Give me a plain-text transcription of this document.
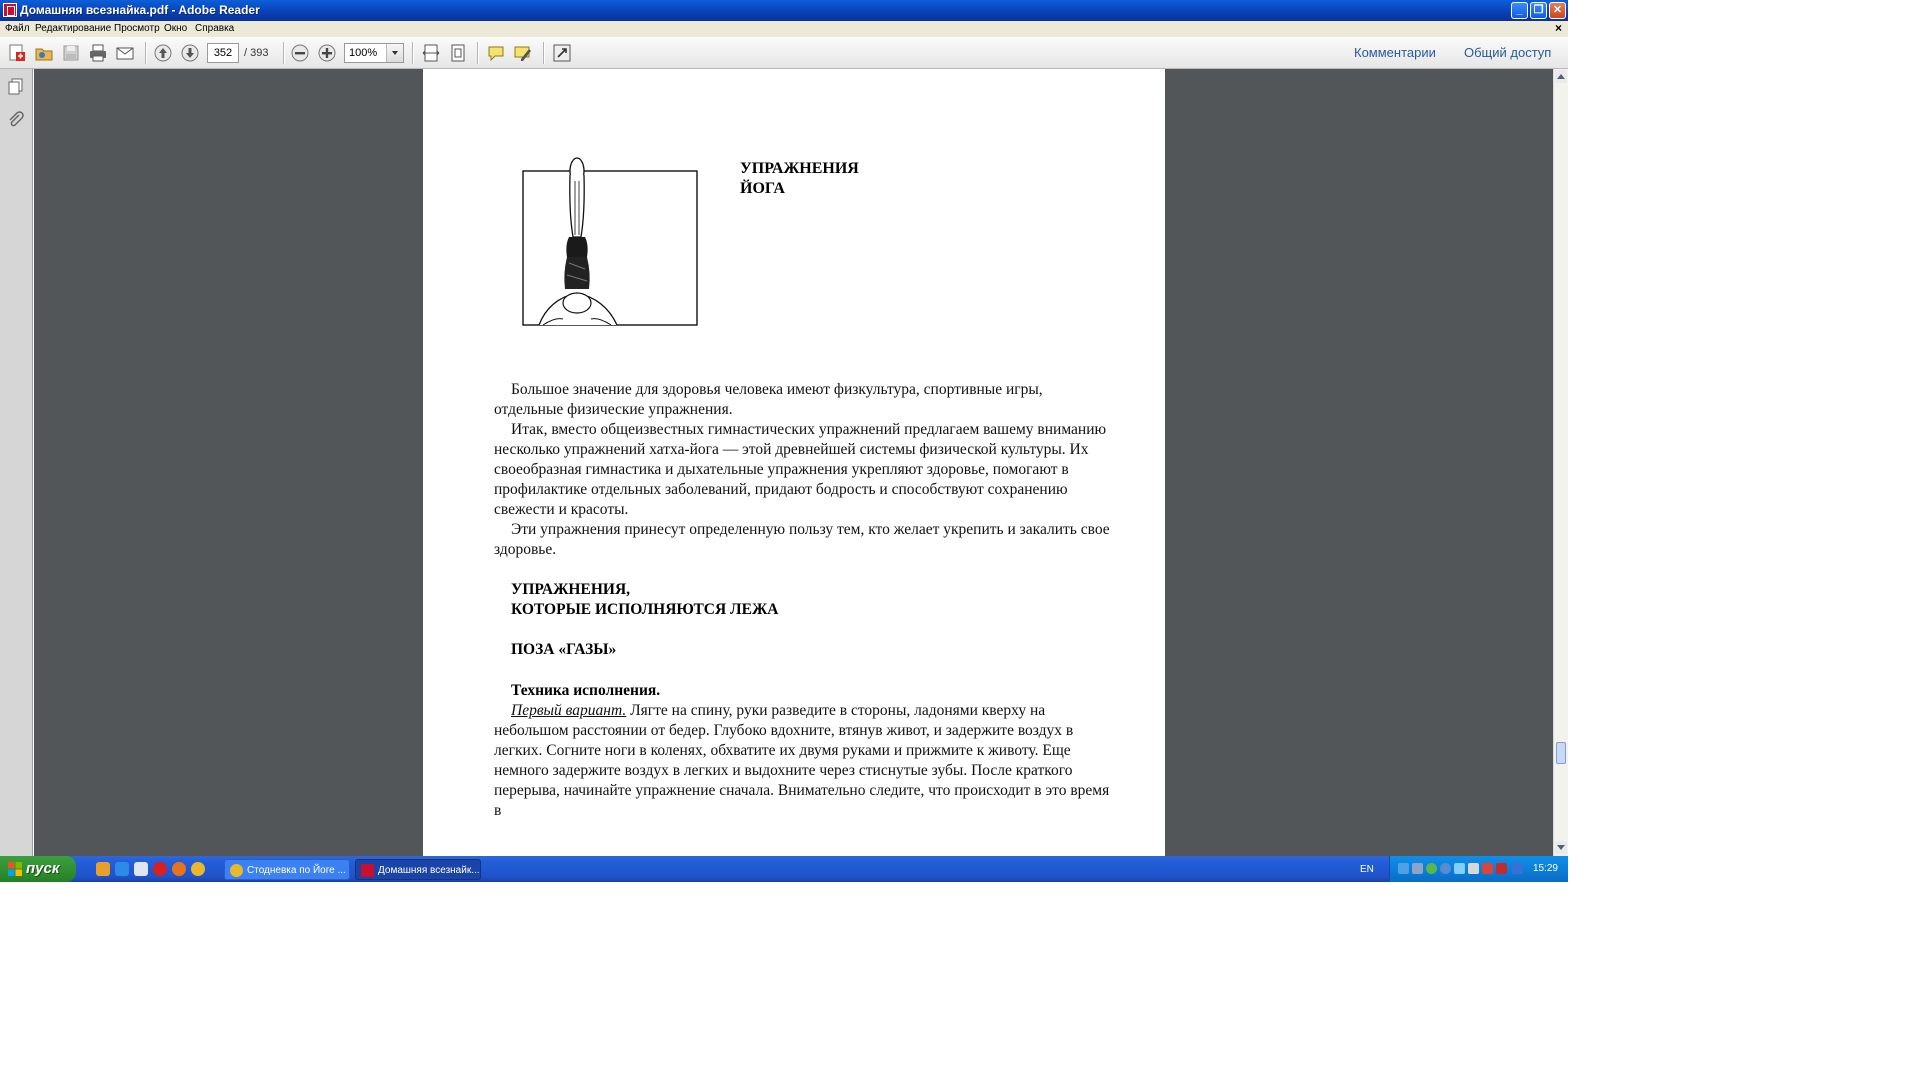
Домашняя всезнайка.pdf - Adobe Reader	_	❐ ✕
Файл Редактирование Просмотр Окно Справка	×
352
/ 393	100%	Комментарии Общий доступ
УПРАЖНЕНИЯ
ЙОГА

Большое значение для здоровья человека имеют физкультура, спортивные игры, отдельные физические упражнения.

Итак, вместо общеизвестных гимнастических упражнений предлагаем вашему вниманию несколько упражнений хатха-йога — этой древнейшей системы физической культуры. Их своеобразная гимнастика и дыхательные упражнения укрепляют здоровье, помогают в профилактике отдельных заболеваний, придают бодрость и способствуют сохранению свежести и красоты.

Эти упражнения принесут определенную пользу тем, кто желает укрепить и закалить свое здоровье.

УПРАЖНЕНИЯ,
КОТОРЫЕ ИСПОЛНЯЮТСЯ ЛЕЖА
ПОЗА «ГАЗЫ»
Техника исполнения.

Первый вариант. Лягте на спину, руки разведите в стороны, ладонями кверху на небольшом расстоянии от бедер. Глубоко вдохните, втянув живот, и задержите воздух в легких. Согните ноги в коленях, обхватите их двумя руками и прижмите к животу. Еще немного задержите воздух в легких и выдохните через стиснутые зубы. После краткого перерыва, начинайте упражнение сначала. Внимательно следите, что происходит в это время в

пуск	Стодневка по Йоге ...	Домашняя всезнайк...	EN	15:29
